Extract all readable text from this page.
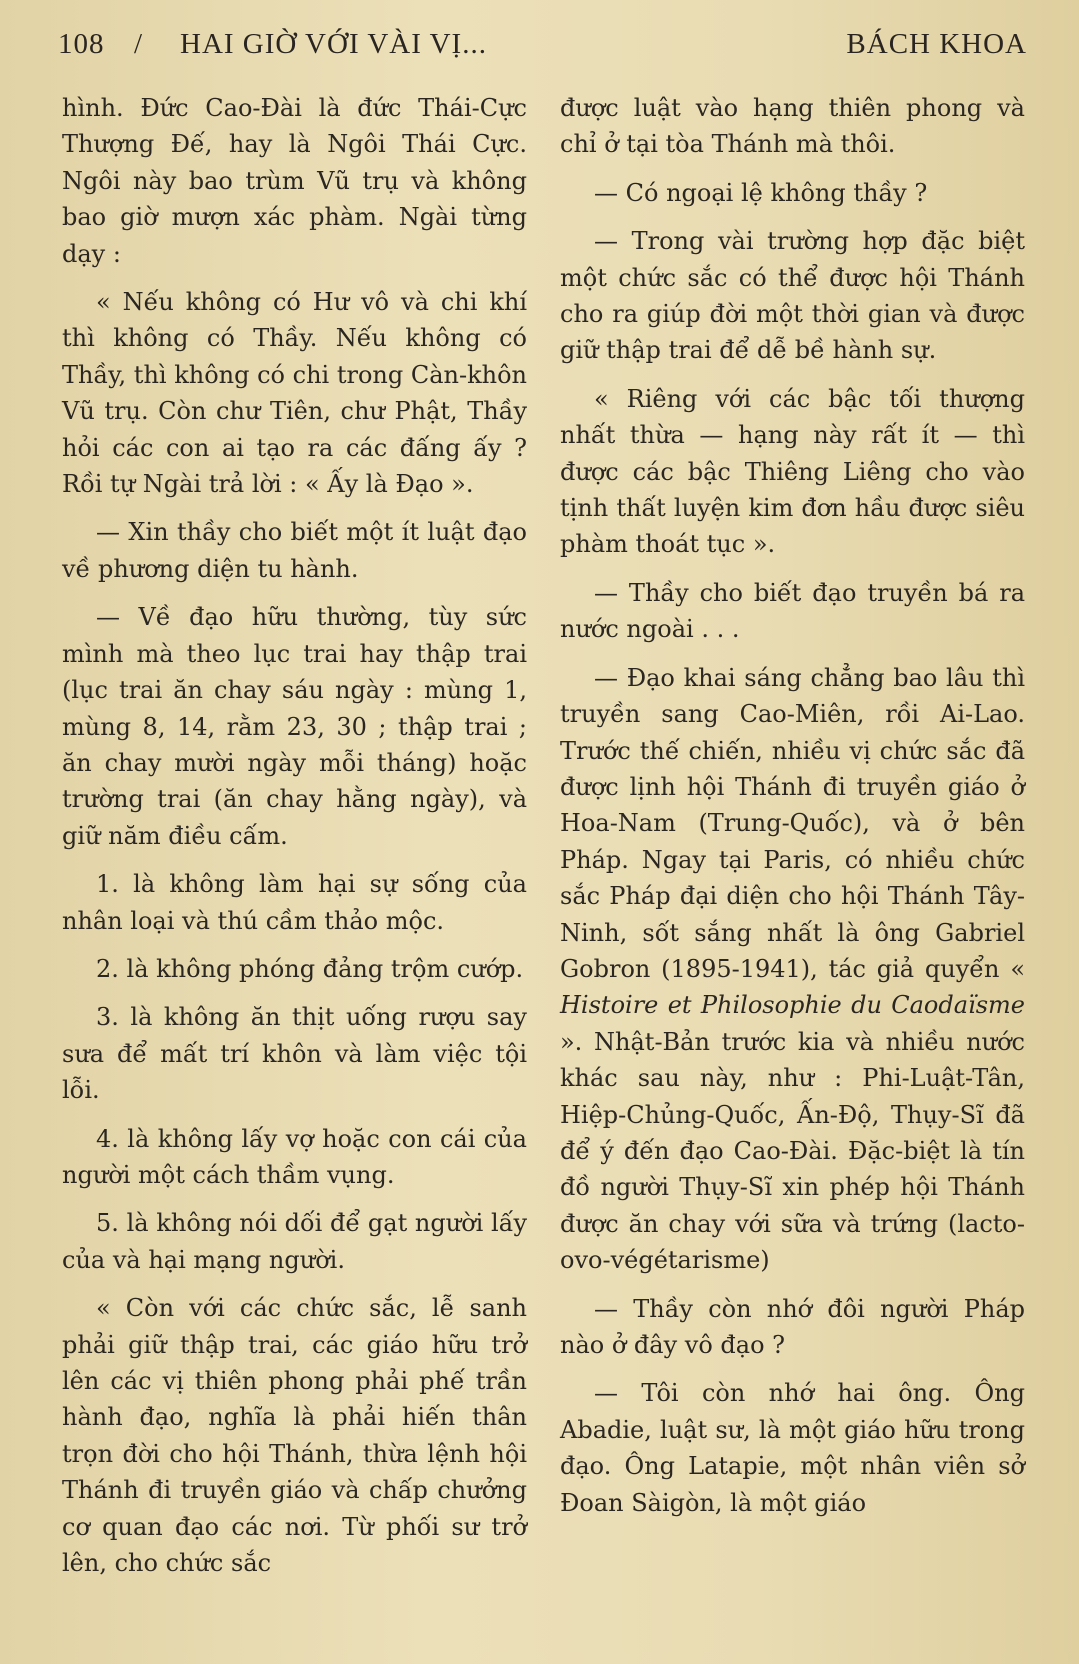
108 / HAI GIỜ VỚI VÀI VỊ...	BÁCH KHOA

hình. Đức Cao-Đài là đức Thái-Cực Thượng Đế, hay là Ngôi Thái Cực. Ngôi này bao trùm Vũ trụ và không bao giờ mượn xác phàm. Ngài từng dạy :

« Nếu không có Hư vô và chi khí thì không có Thầy. Nếu không có Thầy, thì không có chi trong Càn-khôn Vũ trụ. Còn chư Tiên, chư Phật, Thầy hỏi các con ai tạo ra các đấng ấy ? Rồi tự Ngài trả lời : « Ấy là Đạo ».

— Xin thầy cho biết một ít luật đạo về phương diện tu hành.

— Về đạo hữu thường, tùy sức mình mà theo lục trai hay thập trai (lục trai ăn chay sáu ngày : mùng 1, mùng 8, 14, rằm 23, 30 ; thập trai ; ăn chay mười ngày mỗi tháng) hoặc trường trai (ăn chay hằng ngày), và giữ năm điều cấm.

1. là không làm hại sự sống của nhân loại và thú cầm thảo mộc.

2. là không phóng đảng trộm cướp.

3. là không ăn thịt uống rượu say sưa để mất trí khôn và làm việc tội lỗi.

4. là không lấy vợ hoặc con cái của người một cách thầm vụng.

5. là không nói dối để gạt người lấy của và hại mạng người.

« Còn với các chức sắc, lễ sanh phải giữ thập trai, các giáo hữu trở lên các vị thiên phong phải phế trần hành đạo, nghĩa là phải hiến thân trọn đời cho hội Thánh, thừa lệnh hội Thánh đi truyền giáo và chấp chưởng cơ quan đạo các nơi. Từ phối sư trở lên, cho chức sắc

được luật vào hạng thiên phong và chỉ ở tại tòa Thánh mà thôi.

— Có ngoại lệ không thầy ?

— Trong vài trường hợp đặc biệt một chức sắc có thể được hội Thánh cho ra giúp đời một thời gian và được giữ thập trai để dễ bề hành sự.

« Riêng với các bậc tối thượng nhất thừa — hạng này rất ít — thì được các bậc Thiêng Liêng cho vào tịnh thất luyện kim đơn hầu được siêu phàm thoát tục ».

— Thầy cho biết đạo truyền bá ra nước ngoài . . .

— Đạo khai sáng chẳng bao lâu thì truyền sang Cao-Miên, rồi Ai-Lao. Trước thế chiến, nhiều vị chức sắc đã được lịnh hội Thánh đi truyền giáo ở Hoa-Nam (Trung-Quốc), và ở bên Pháp. Ngay tại Paris, có nhiều chức sắc Pháp đại diện cho hội Thánh Tây-Ninh, sốt sắng nhất là ông Gabriel Gobron (1895-1941), tác giả quyển « Histoire et Philosophie du Caodaïsme ». Nhật-Bản trước kia và nhiều nước khác sau này, như : Phi-Luật-Tân, Hiệp-Chủng-Quốc, Ấn-Độ, Thụy-Sĩ đã để ý đến đạo Cao-Đài. Đặc-biệt là tín đồ người Thụy-Sĩ xin phép hội Thánh được ăn chay với sữa và trứng (lacto-ovo-végétarisme)

— Thầy còn nhớ đôi người Pháp nào ở đây vô đạo ?

— Tôi còn nhớ hai ông. Ông Abadie, luật sư, là một giáo hữu trong đạo. Ông Latapie, một nhân viên sở Đoan Sàigòn, là một giáo
